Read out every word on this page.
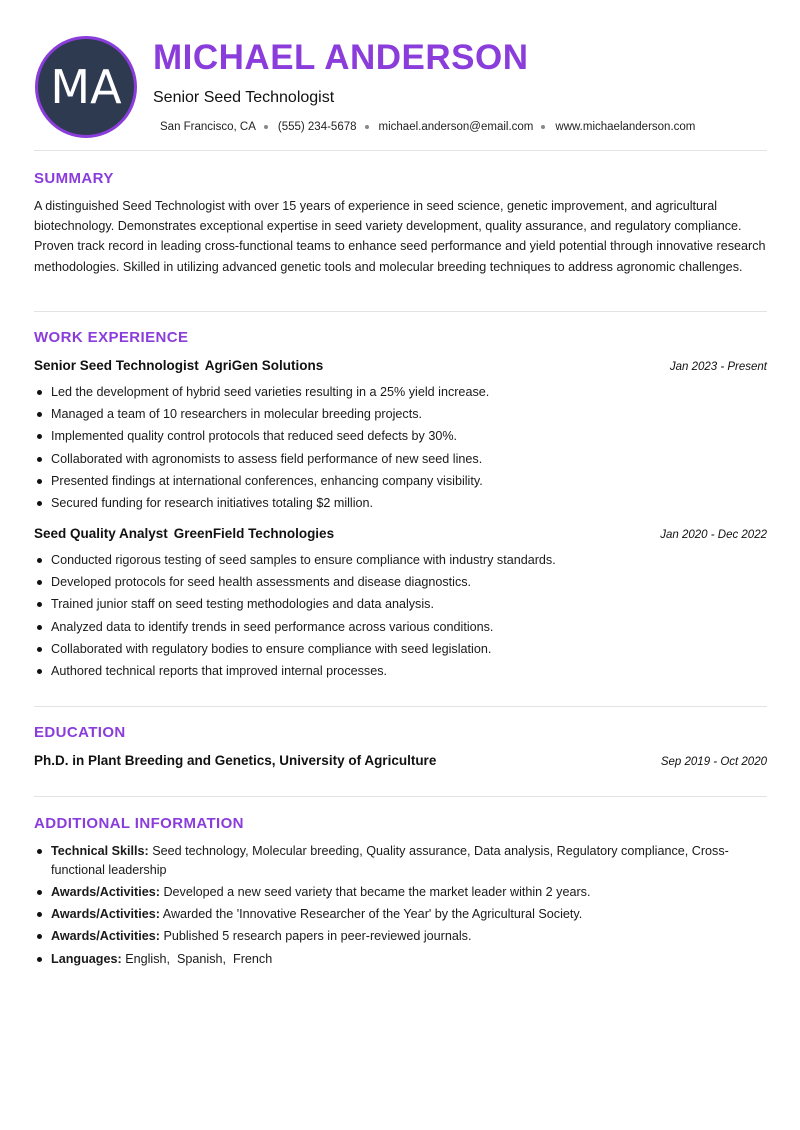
MA
MICHAEL ANDERSON
Senior Seed Technologist
San Francisco, CA (555) 234-5678 michael.anderson@email.com www.michaelanderson.com
SUMMARY

A distinguished Seed Technologist with over 15 years of experience in seed science, genetic improvement, and agricultural biotechnology. Demonstrates exceptional expertise in seed variety development, quality assurance, and regulatory compliance. Proven track record in leading cross-functional teams to enhance seed performance and yield potential through innovative research methodologies. Skilled in utilizing advanced genetic tools and molecular breeding techniques to address agronomic challenges.

WORK EXPERIENCE
Senior Seed Technologist AgriGen Solutions	Jan 2023 - Present
Led the development of hybrid seed varieties resulting in a 25% yield increase.
Managed a team of 10 researchers in molecular breeding projects.
Implemented quality control protocols that reduced seed defects by 30%.
Collaborated with agronomists to assess field performance of new seed lines.
Presented findings at international conferences, enhancing company visibility.
Secured funding for research initiatives totaling $2 million.
Seed Quality Analyst GreenField Technologies	Jan 2020 - Dec 2022
Conducted rigorous testing of seed samples to ensure compliance with industry standards.
Developed protocols for seed health assessments and disease diagnostics.
Trained junior staff on seed testing methodologies and data analysis.
Analyzed data to identify trends in seed performance across various conditions.
Collaborated with regulatory bodies to ensure compliance with seed legislation.
Authored technical reports that improved internal processes.
EDUCATION
Ph.D. in Plant Breeding and Genetics, University of Agriculture	Sep 2019 - Oct 2020
ADDITIONAL INFORMATION
Technical Skills: Seed technology, Molecular breeding, Quality assurance, Data analysis, Regulatory compliance, Cross-functional leadership
Awards/Activities: Developed a new seed variety that became the market leader within 2 years.
Awards/Activities: Awarded the 'Innovative Researcher of the Year' by the Agricultural Society.
Awards/Activities: Published 5 research papers in peer-reviewed journals.
Languages: English,  Spanish,  French
